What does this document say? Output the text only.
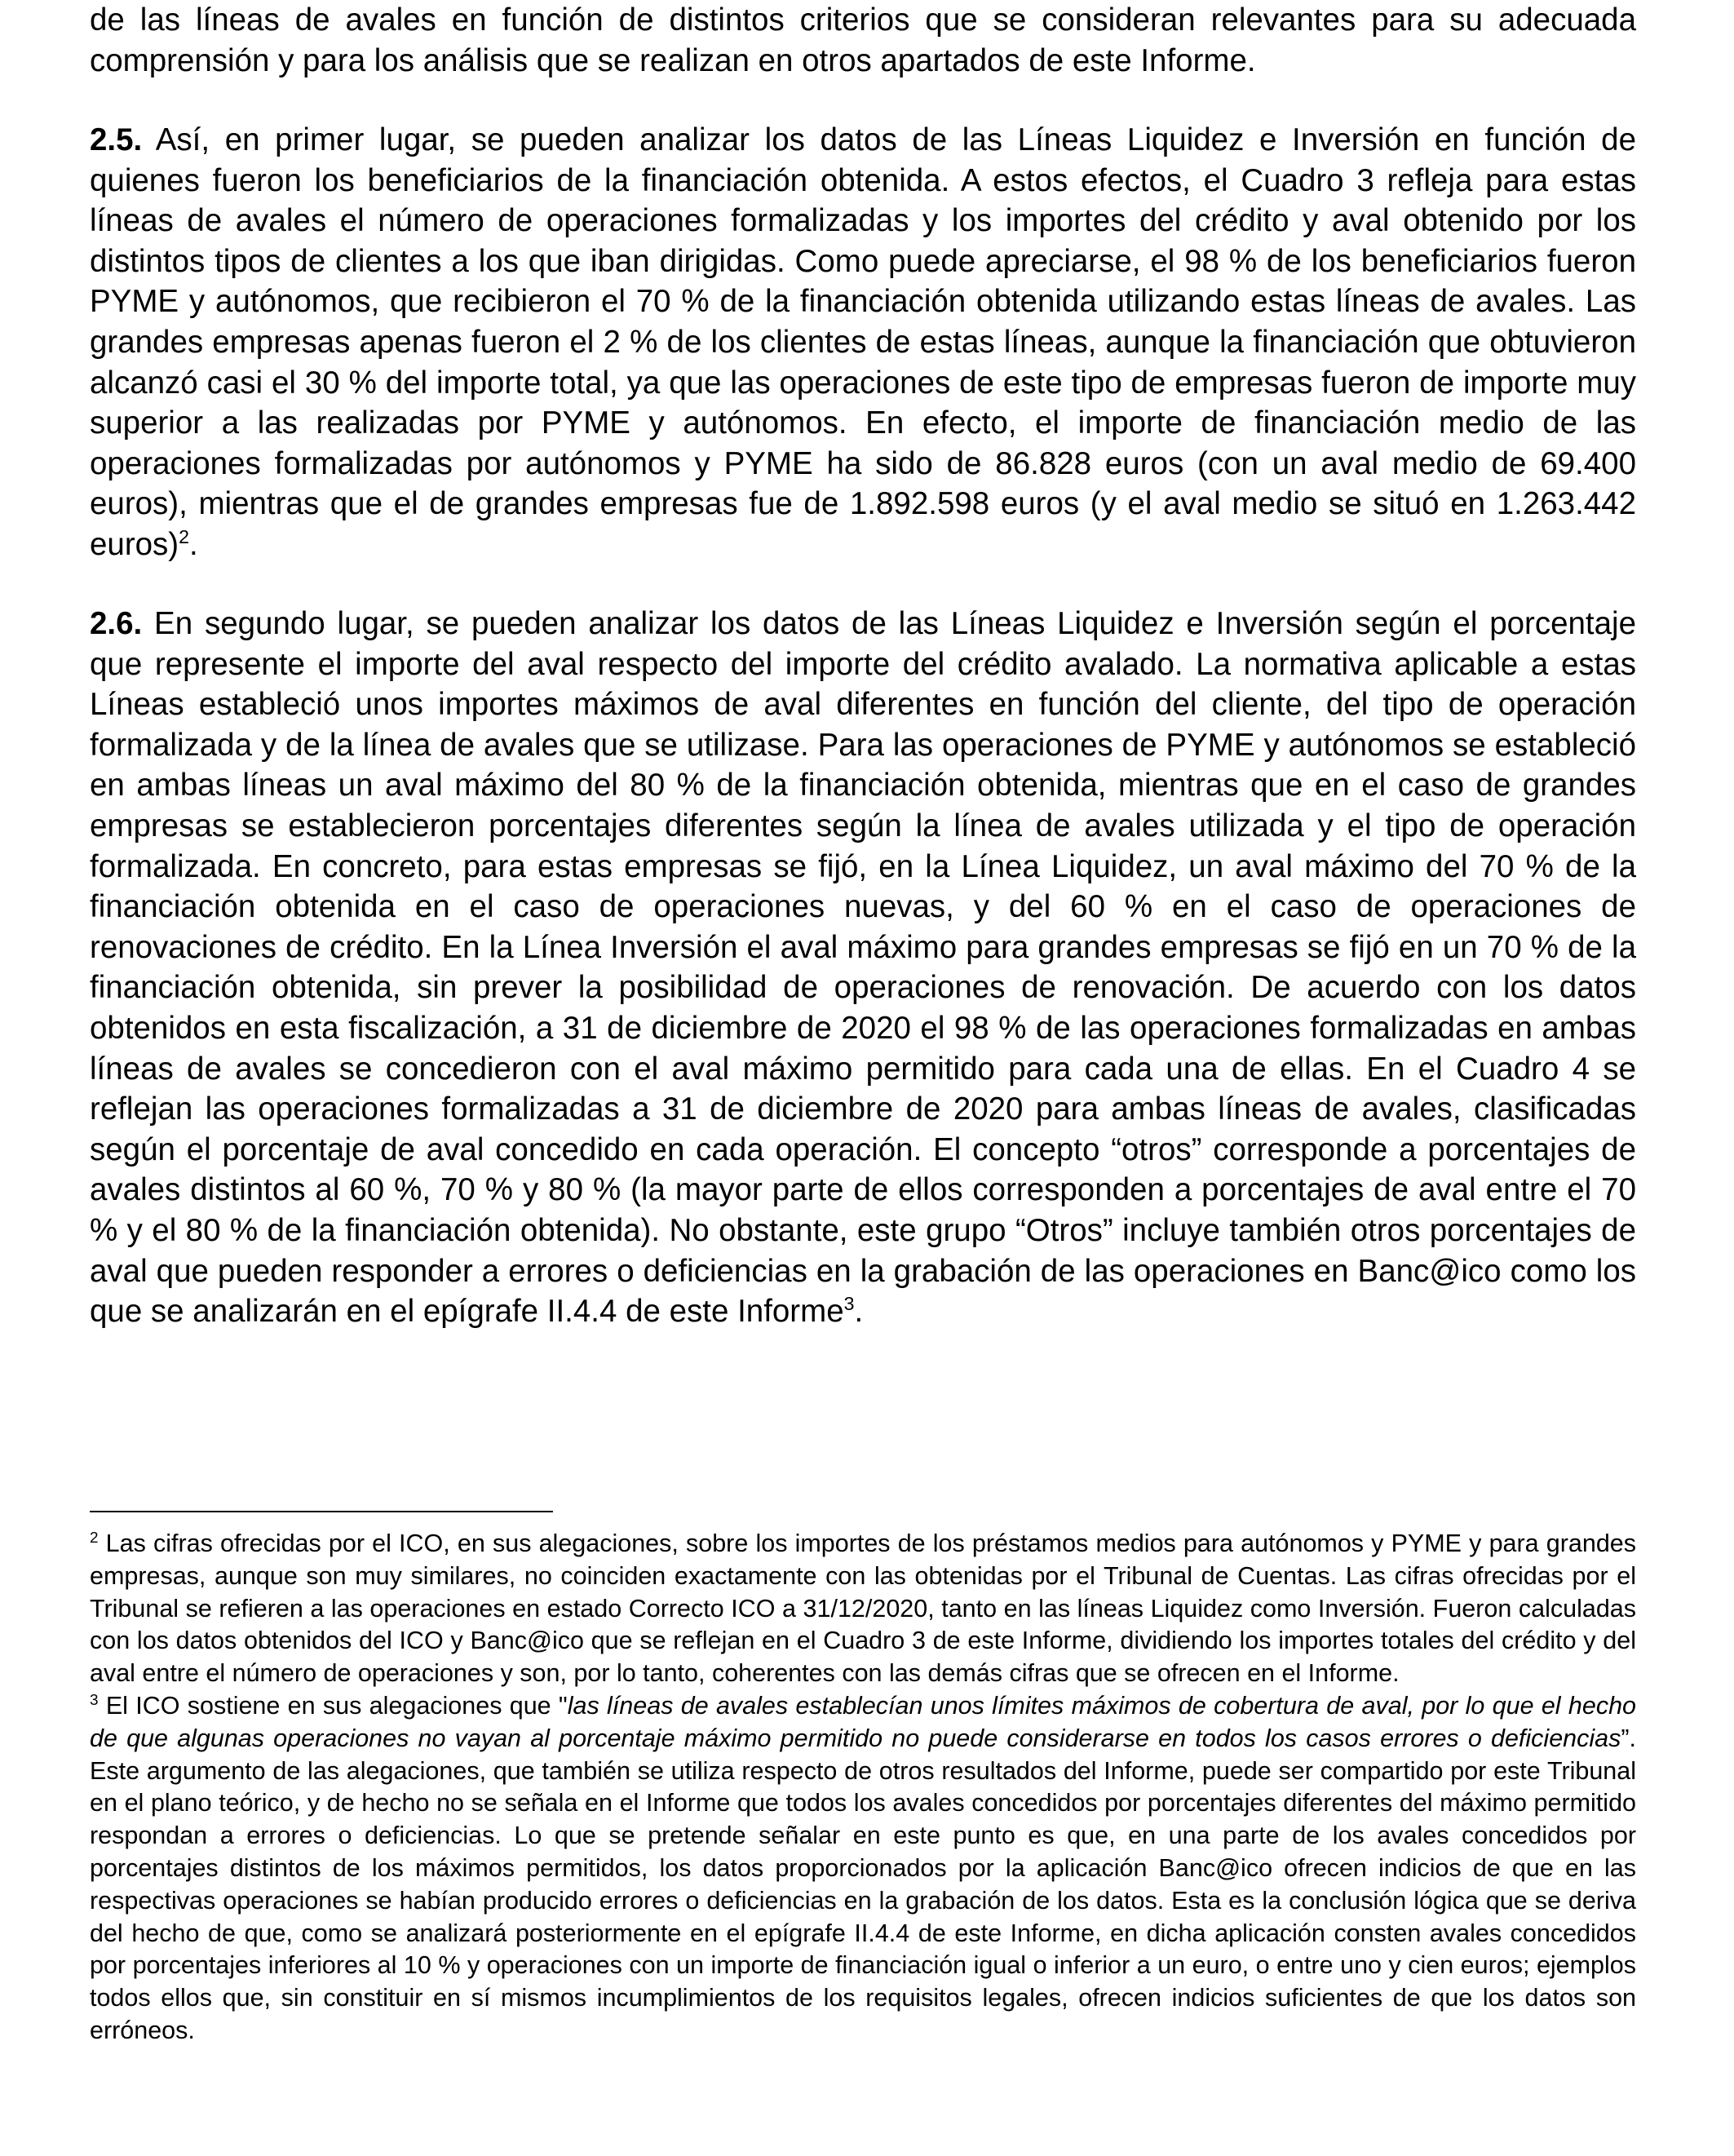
de las líneas de avales en función de distintos criterios que se consideran relevantes para su adecuada comprensión y para los análisis que se realizan en otros apartados de este Informe.

2.5. Así, en primer lugar, se pueden analizar los datos de las Líneas Liquidez e Inversión en función de quienes fueron los beneficiarios de la financiación obtenida. A estos efectos, el Cuadro 3 refleja para estas líneas de avales el número de operaciones formalizadas y los importes del crédito y aval obtenido por los distintos tipos de clientes a los que iban dirigidas. Como puede apreciarse, el 98 % de los beneficiarios fueron PYME y autónomos, que recibieron el 70 % de la financiación obtenida utilizando estas líneas de avales. Las grandes empresas apenas fueron el 2 % de los clientes de estas líneas, aunque la financiación que obtuvieron alcanzó casi el 30 % del importe total, ya que las operaciones de este tipo de empresas fueron de importe muy superior a las realizadas por PYME y autónomos. En efecto, el importe de financiación medio de las operaciones formalizadas por autónomos y PYME ha sido de 86.828 euros (con un aval medio de 69.400 euros), mientras que el de grandes empresas fue de 1.892.598 euros (y el aval medio se situó en 1.263.442 euros)$^2$.

2.6. En segundo lugar, se pueden analizar los datos de las Líneas Liquidez e Inversión según el porcentaje que represente el importe del aval respecto del importe del crédito avalado. La normativa aplicable a estas Líneas estableció unos importes máximos de aval diferentes en función del cliente, del tipo de operación formalizada y de la línea de avales que se utilizase. Para las operaciones de PYME y autónomos se estableció en ambas líneas un aval máximo del 80 % de la financiación obtenida, mientras que en el caso de grandes empresas se establecieron porcentajes diferentes según la línea de avales utilizada y el tipo de operación formalizada. En concreto, para estas empresas se fijó, en la Línea Liquidez, un aval máximo del 70 % de la financiación obtenida en el caso de operaciones nuevas, y del 60 % en el caso de operaciones de renovaciones de crédito. En la Línea Inversión el aval máximo para grandes empresas se fijó en un 70 % de la financiación obtenida, sin prever la posibilidad de operaciones de renovación. De acuerdo con los datos obtenidos en esta fiscalización, a 31 de diciembre de 2020 el 98 % de las operaciones formalizadas en ambas líneas de avales se concedieron con el aval máximo permitido para cada una de ellas. En el Cuadro 4 se reflejan las operaciones formalizadas a 31 de diciembre de 2020 para ambas líneas de avales, clasificadas según el porcentaje de aval concedido en cada operación. El concepto “otros” corresponde a porcentajes de avales distintos al 60 %, 70 % y 80 % (la mayor parte de ellos corresponden a porcentajes de aval entre el 70 % y el 80 % de la financiación obtenida). No obstante, este grupo “Otros” incluye también otros porcentajes de aval que pueden responder a errores o deficiencias en la grabación de las operaciones en Banc@ico como los que se analizarán en el epígrafe II.4.4 de este Informe$^3$.

$^2$ Las cifras ofrecidas por el ICO, en sus alegaciones, sobre los importes de los préstamos medios para autónomos y PYME y para grandes empresas, aunque son muy similares, no coinciden exactamente con las obtenidas por el Tribunal de Cuentas. Las cifras ofrecidas por el Tribunal se refieren a las operaciones en estado Correcto ICO a 31/12/2020, tanto en las líneas Liquidez como Inversión. Fueron calculadas con los datos obtenidos del ICO y Banc@ico que se reflejan en el Cuadro 3 de este Informe, dividiendo los importes totales del crédito y del aval entre el número de operaciones y son, por lo tanto, coherentes con las demás cifras que se ofrecen en el Informe.

$^3$ El ICO sostiene en sus alegaciones que "las líneas de avales establecían unos límites máximos de cobertura de aval, por lo que el hecho de que algunas operaciones no vayan al porcentaje máximo permitido no puede considerarse en todos los casos errores o deficiencias”. Este argumento de las alegaciones, que también se utiliza respecto de otros resultados del Informe, puede ser compartido por este Tribunal en el plano teórico, y de hecho no se señala en el Informe que todos los avales concedidos por porcentajes diferentes del máximo permitido respondan a errores o deficiencias. Lo que se pretende señalar en este punto es que, en una parte de los avales concedidos por porcentajes distintos de los máximos permitidos, los datos proporcionados por la aplicación Banc@ico ofrecen indicios de que en las respectivas operaciones se habían producido errores o deficiencias en la grabación de los datos. Esta es la conclusión lógica que se deriva del hecho de que, como se analizará posteriormente en el epígrafe II.4.4 de este Informe, en dicha aplicación consten avales concedidos por porcentajes inferiores al 10 % y operaciones con un importe de financiación igual o inferior a un euro, o entre uno y cien euros; ejemplos todos ellos que, sin constituir en sí mismos incumplimientos de los requisitos legales, ofrecen indicios suficientes de que los datos son erróneos.
